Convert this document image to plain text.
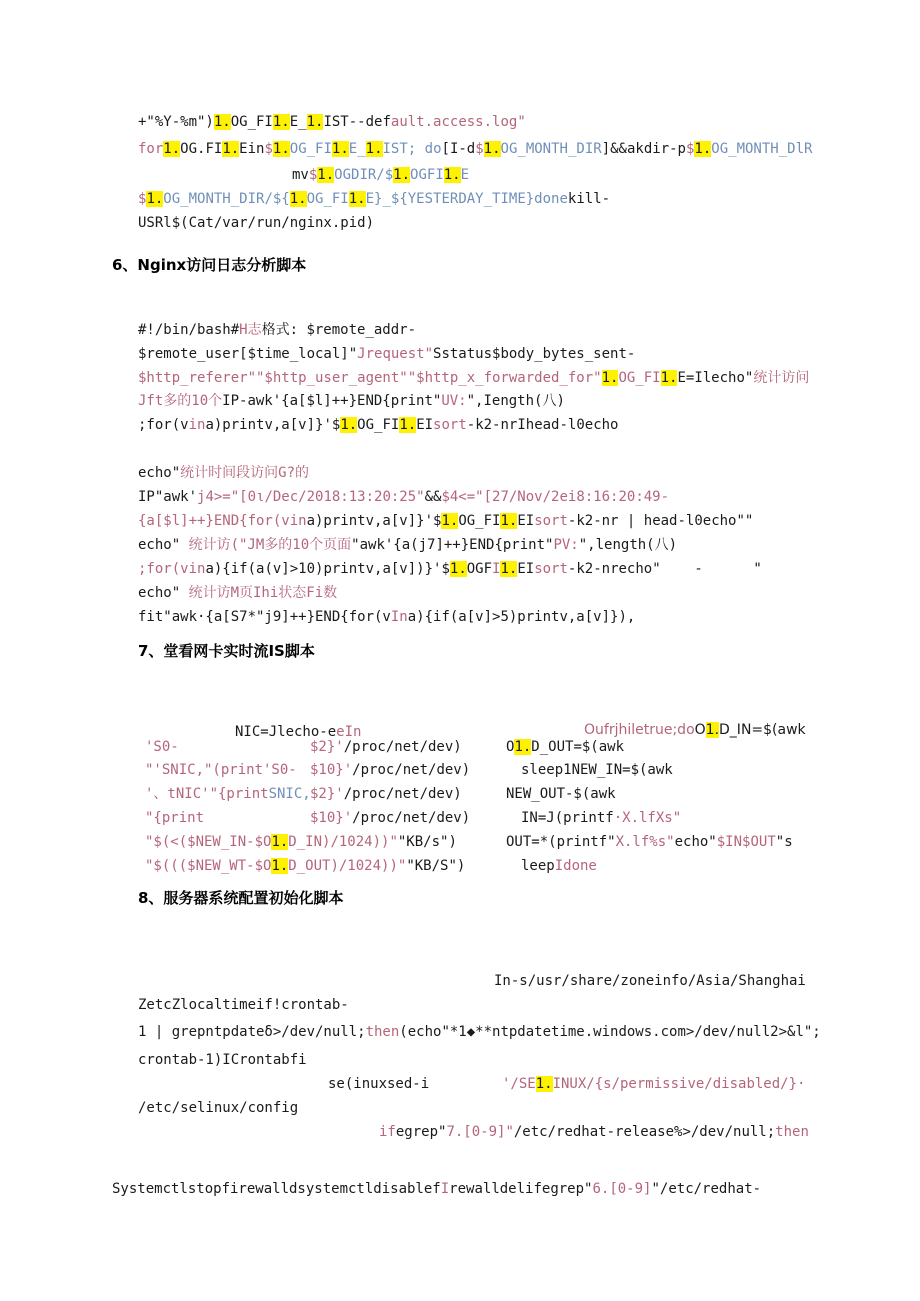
+"%Y-%m")1.OG_FI1.E_1.IST--default.access.log"
for1.OG.FI1.Ein$1.OG_FI1.E_1.IST; do[I-d$1.OG_MONTH_DIR]&&akdir-p$1.OG_MONTH_DlR
mv$1.OGDIR/$1.OGFI1.E
$1.OG_MONTH_DIR/${1.OG_FI1.E}_${YESTERDAY_TIME}donekill-
USRl$(Cat/var/run/nginx.pid)
#!/bin/bash#H志格式: $remote_addr-
$remote_user[$time_local]"Jrequest"Sstatus$body_bytes_sent-
$http_referer""$http_user_agent""$http_x_forwarded_for"1.OG_FI1.E=Ilecho"统计访问
Jft多的10个IP-awk'{a[$l]++}END{print"UV:",Iength(八)
;for(vina)printv,a[v]}'$1.OG_FI1.EIsort-k2-nrIhead-l0echo
echo"统计时间段访问G?的
IP"awk'j4>="[0ι/Dec/2018:13:20:25"&&$4<="[27/Nov/2ei8:16:20:49-
{a[$l]++}END{for(vina)printv,a[v]}'$1.OG_FI1.EIsort-k2-nr | head-l0echo""
echo" 统计访("JM多的10个页面"awk'{a(j7]++}END{print"PV:",length(八)
;for(vina){if(a(v]>10)printv,a[v])}'$1.OGFI1.EIsort-k2-nrecho"    -      "
echo" 统计访M页Ihi状态Fi数
fit"awk·{a[S7*"j9]++}END{for(vIna){if(a[v]>5)printv,a[v]}),
NIC=Jlecho-eeIn	Oufrjhiletrue;doO1.D_IN=$(awk
'S0-	$2}'/proc/net/dev)	O1.D_OUT=$(awk
"'SNIC,"(print'S0- $10}'/proc/net/dev)	sleep1NEW_IN=$(awk
'、tNIC'"{printSNIC, $2}'/proc/net/dev)	NEW_OUT-$(awk
"{print	$10}'/proc/net/dev)	IN=J(printf·X.lfXs"
"$(<($NEW_IN-$O1.D_IN)/1024))""KB/s")	OUT=*(printf"X.lf%s"echo"$IN$OUT"s
"$((($NEW_WT-$O1.D_OUT)/1024))""KB/S")	leepIdone
In-s/usr/share/zoneinfo/Asia/Shanghai
ZetcZlocaltimeif!crontab-
1 | grepntpdateδ>/dev/null;then(echo"*1◆**ntpdatetime.windows.com>/dev/null2>&l";
crontab-1)ICrontabfi
se(inuxsed-i	'/SE1.INUX/{s/permissive/disabled/}·
/etc/selinux/config
ifegrep"7.[0-9]"/etc/redhat-release%>/dev/null;then
SystemctlstopfirewalldsystemctldisablefIrewalldelifegrep"6.[0-9]"/etc/redhat-
6、Nginx访问日志分析脚本
7、堂看网卡实时流IS脚本
8、服务器系统配置初始化脚本
